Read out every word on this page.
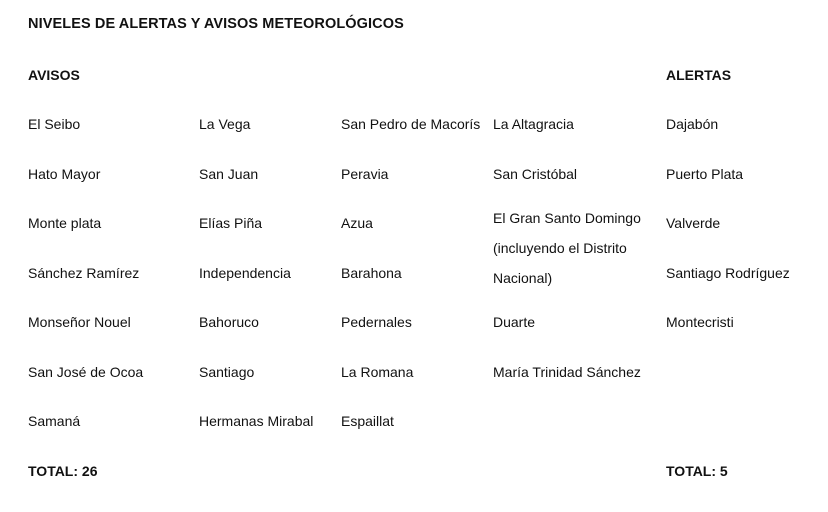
NIVELES DE ALERTAS Y AVISOS METEOROLÓGICOS
AVISOS				ALERTAS
El Seibo	La Vega	San Pedro de Macorís	La Altagracia	Dajabón
Hato Mayor	San Juan	Peravia	San Cristóbal	Puerto Plata
Monte plata	Elías Piña	Azua	El Gran Santo Domingo (incluyendo el Distrito Nacional)	Valverde
Sánchez Ramírez	Independencia	Barahona		Santiago Rodríguez
Monseñor Nouel	Bahoruco	Pedernales	Duarte	Montecristi
San José de Ocoa	Santiago	La Romana	María Trinidad Sánchez	
Samaná	Hermanas Mirabal	Espaillat		
TOTAL: 26				TOTAL: 5
